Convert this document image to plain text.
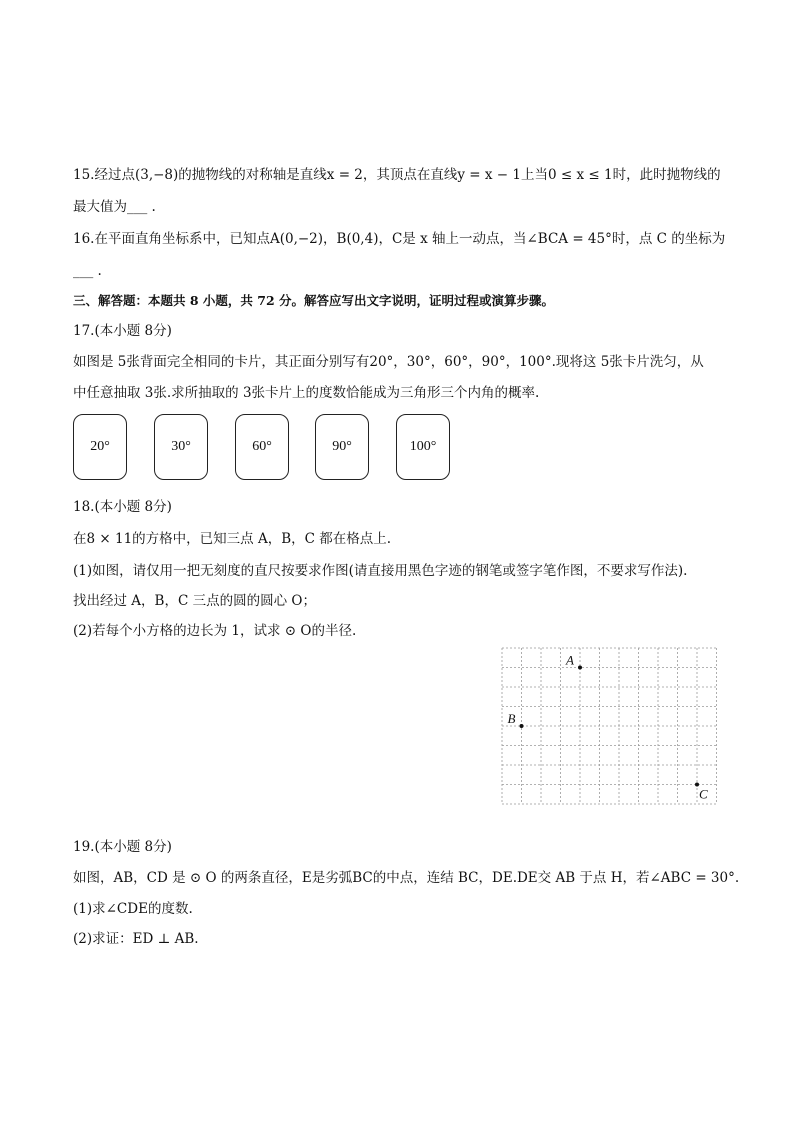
15.经过点(3,−8)的抛物线的对称轴是直线x = 2，其顶点在直线y = x − 1上当0 ≤ x ≤ 1时，此时抛物线的
最大值为___ .
16.在平面直角坐标系中，已知点A(0,−2)，B(0,4)，C是 x 轴上一动点，当∠BCA = 45°时，点 C 的坐标为
___ .
三、解答题：本题共 8 小题，共 72 分。解答应写出文字说明，证明过程或演算步骤。
17.(本小题 8分)
如图是 5张背面完全相同的卡片，其正面分别写有20°，30°，60°，90°，100°.现将这 5张卡片洗匀，从
中任意抽取 3张.求所抽取的 3张卡片上的度数恰能成为三角形三个内角的概率.
20°	30°	60°	90°	100°
18.(本小题 8分)
在8 × 11的方格中，已知三点 A，B，C 都在格点上.
(1)如图，请仅用一把无刻度的直尺按要求作图(请直接用黑色字迹的钢笔或签字笔作图，不要求写作法).
找出经过 A，B，C 三点的圆的圆心 O；
(2)若每个小方格的边长为 1，试求 ⊙ O的半径.
A
B
C
19.(本小题 8分)
如图，AB，CD 是 ⊙ O 的两条直径，E是劣弧BC的中点，连结 BC，DE.DE交 AB 于点 H，若∠ABC = 30°.
(1)求∠CDE的度数.
(2)求证：ED ⊥ AB.
